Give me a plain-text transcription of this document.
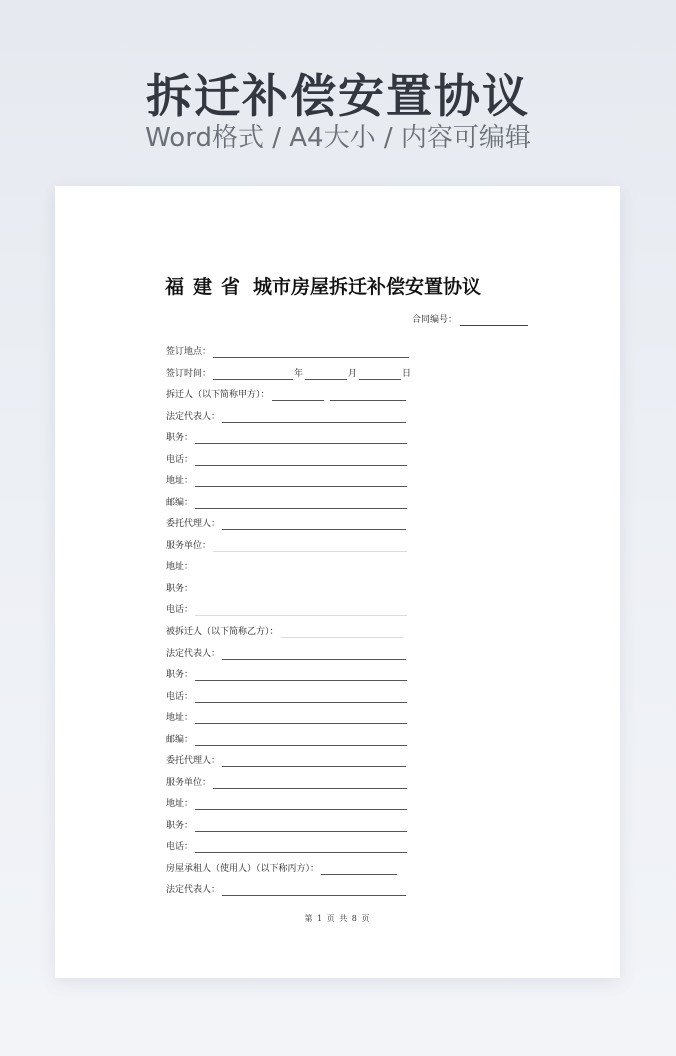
拆迁补偿安置协议
Word格式 / A4大小 / 内容可编辑
福建省 城市房屋拆迁补偿安置协议
合同编号：
签订地点：
签订时间：	年	月	日
拆迁人（以下简称甲方）：
法定代表人：
职务：
电话：
地址：
邮编：
委托代理人：
服务单位：
地址：
职务：
电话：
被拆迁人（以下简称乙方）：
法定代表人：
职务：
电话：
地址：
邮编：
委托代理人：
服务单位：
地址：
职务：
电话：
房屋承租人（使用人）（以下称丙方）：
法定代表人：
第 1 页 共 8 页
